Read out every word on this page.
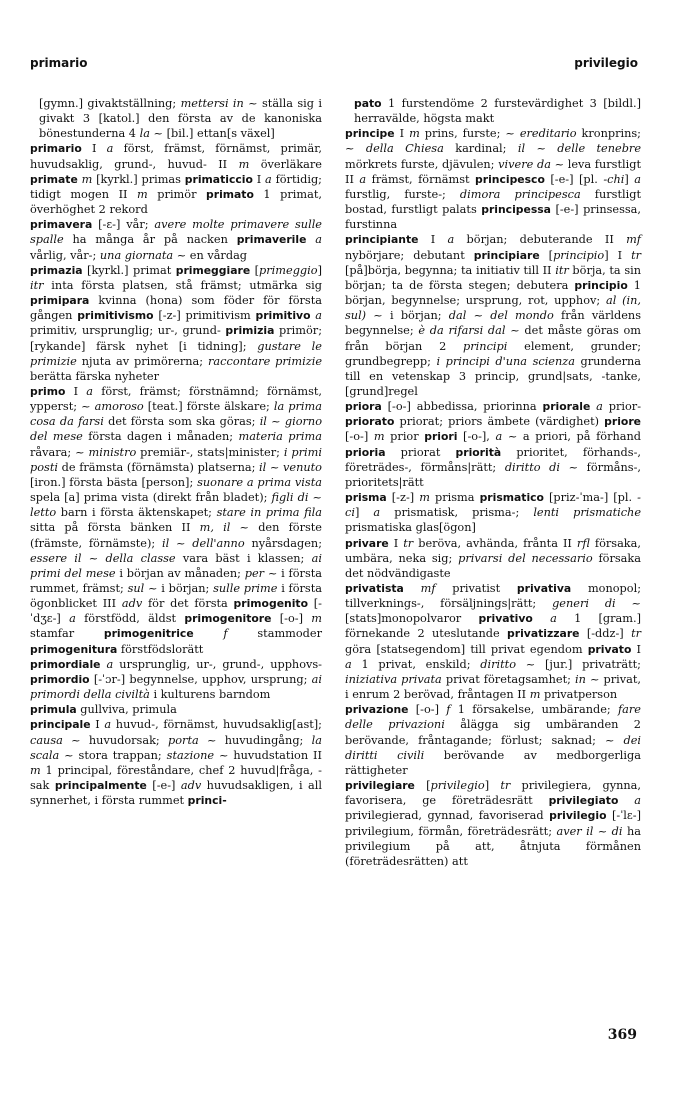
primario	privilegio

[gymn.] givaktställning; mettersi in ~ ställa sig i givakt 3 [katol.] den första av de kanoniska bönestunderna 4 la ~ [bil.] ettan[s växel]

primario I a först, främst, förnämst, primär, huvudsaklig, grund-, huvud- II m överläkare primate m [kyrkl.] primas primaticcio I a förtidig; tidigt mogen II m primör primato 1 primat, överhöghet 2 rekord

primavera [-ɛ-] vår; avere molte primavere sulle spalle ha många år på nacken primaverile a vårlig, vår-; una giornata ~ en vårdag

primazia [kyrkl.] primat primeggiare [primeggio] itr inta första platsen, stå främst; utmärka sig primipara kvinna (hona) som föder för första gången primitivismo [-z-] primitivism primitivo a primitiv, ursprunglig; ur-, grund- primizia primör; [rykande] färsk nyhet [i tidning]; gustare le primizie njuta av primörerna; raccontare primizie berätta färska nyheter

primo I a först, främst; förstnämnd; förnämst, ypperst; ~ amoroso [teat.] förste älskare; la prima cosa da farsi det första som ska göras; il ~ giorno del mese första dagen i månaden; materia prima råvara; ~ ministro premiär-, stats|minister; i primi posti de främsta (förnämsta) platserna; il ~ venuto [iron.] första bästa [person]; suonare a prima vista spela [a] prima vista (direkt från bladet); figli di ~ letto barn i första äktenskapet; stare in prima fila sitta på första bänken II m, il ~ den förste (främste, förnämste); il ~ dell'anno nyårsdagen; essere il ~ della classe vara bäst i klassen; ai primi del mese i början av månaden; per ~ i första rummet, främst; sul ~ i början; sulle prime i första ögonblicket III adv för det första primogenito [-ˈdʒɛ-] a förstfödd, äldst primogenitore [-o-] m stamfar primogenitrice	f stammoder primogenitura förstfödslorätt

primordiale a ursprunglig, ur-, grund-, upphovs- primordio [-ˈɔr-] begynnelse, upphov, ursprung; ai primordi della civiltà i kulturens barndom

primula gullviva, primula

principale I a huvud-, förnämst, huvudsaklig[ast]; causa ~ huvudorsak; porta ~ huvudingång; la scala ~ stora trappan; stazione ~ huvudstation II m 1 principal, föreståndare, chef 2 huvud|fråga, -sak principalmente [-e-] adv huvudsakligen, i all synnerhet, i första rummet princi-

pato 1 furstendöme 2 furstevärdighet 3 [bildl.] herravälde, högsta makt

principe I m prins, furste; ~ ereditario kronprins; ~ della Chiesa kardinal; il ~ delle tenebre mörkrets furste, djävulen; vivere da ~ leva furstligt II a främst, förnämst principesco [-e-] [pl. -chi] a furstlig, furste-; dimora principesca furstligt bostad, furstligt palats principessa [-e-] prinsessa, furstinna

principiante I a början; debuterande II mf nybörjare; debutant principiare [principio] I tr [på]börja, begynna; ta initiativ till II itr börja, ta sin början; ta de första stegen; debutera principio 1 början, begynnelse; ursprung, rot, upphov; al (in, sul) ~ i början; dal ~ del mondo från världens begynnelse; è da rifarsi dal ~ det måste göras om från början 2 principi element, grunder; grundbegrepp; i principi d'una scienza grunderna till en vetenskap 3 princip, grund|sats, -tanke, [grund]regel

priora [-o-] abbedissa, priorinna priorale a prior- priorato priorat; priors ämbete (värdighet) priore [-o-] m prior priori [-o-], a ~ a priori, på förhand prioria priorat priorità prioritet, förhands-, företrädes-, förmåns|rätt; diritto di ~ förmåns-, prioritets|rätt

prisma [-z-] m prisma prismatico [priz-ˈma-] [pl. -ci] a prismatisk, prisma-; lenti prismatiche prismatiska glas[ögon]

privare I tr beröva, avhända, frånta II rfl försaka, umbära, neka sig; privarsi del necessario försaka det nödvändigaste

privatista mf privatist privativa monopol; tillverknings-, försäljnings|rätt; generi di ~ [stats]monopolvaror privativo a 1 [gram.] förnekande 2 uteslutande privatizzare [-ddz-] tr göra [statsegendom] till privat egendom privato I a 1 privat, enskild; diritto ~ [jur.] privaträtt; iniziativa privata privat företagsamhet; in ~ privat, i enrum 2 berövad, fråntagen II m privatperson

privazione [-o-] f 1 försakelse, umbärande; fare delle privazioni ålägga sig umbäranden 2 berövande, fråntagande; förlust; saknad; ~ dei diritti civili berövande av medborgerliga rättigheter

privilegiare [privilegio] tr privilegiera, gynna, favorisera, ge företrädesrätt privilegiato a privilegierad, gynnad, favoriserad privilegio [-ˈlɛ-] privilegium, förmån, företrädesrätt; aver il ~ di ha privilegium på att, åtnjuta förmånen (företrädesrätten) att

369
